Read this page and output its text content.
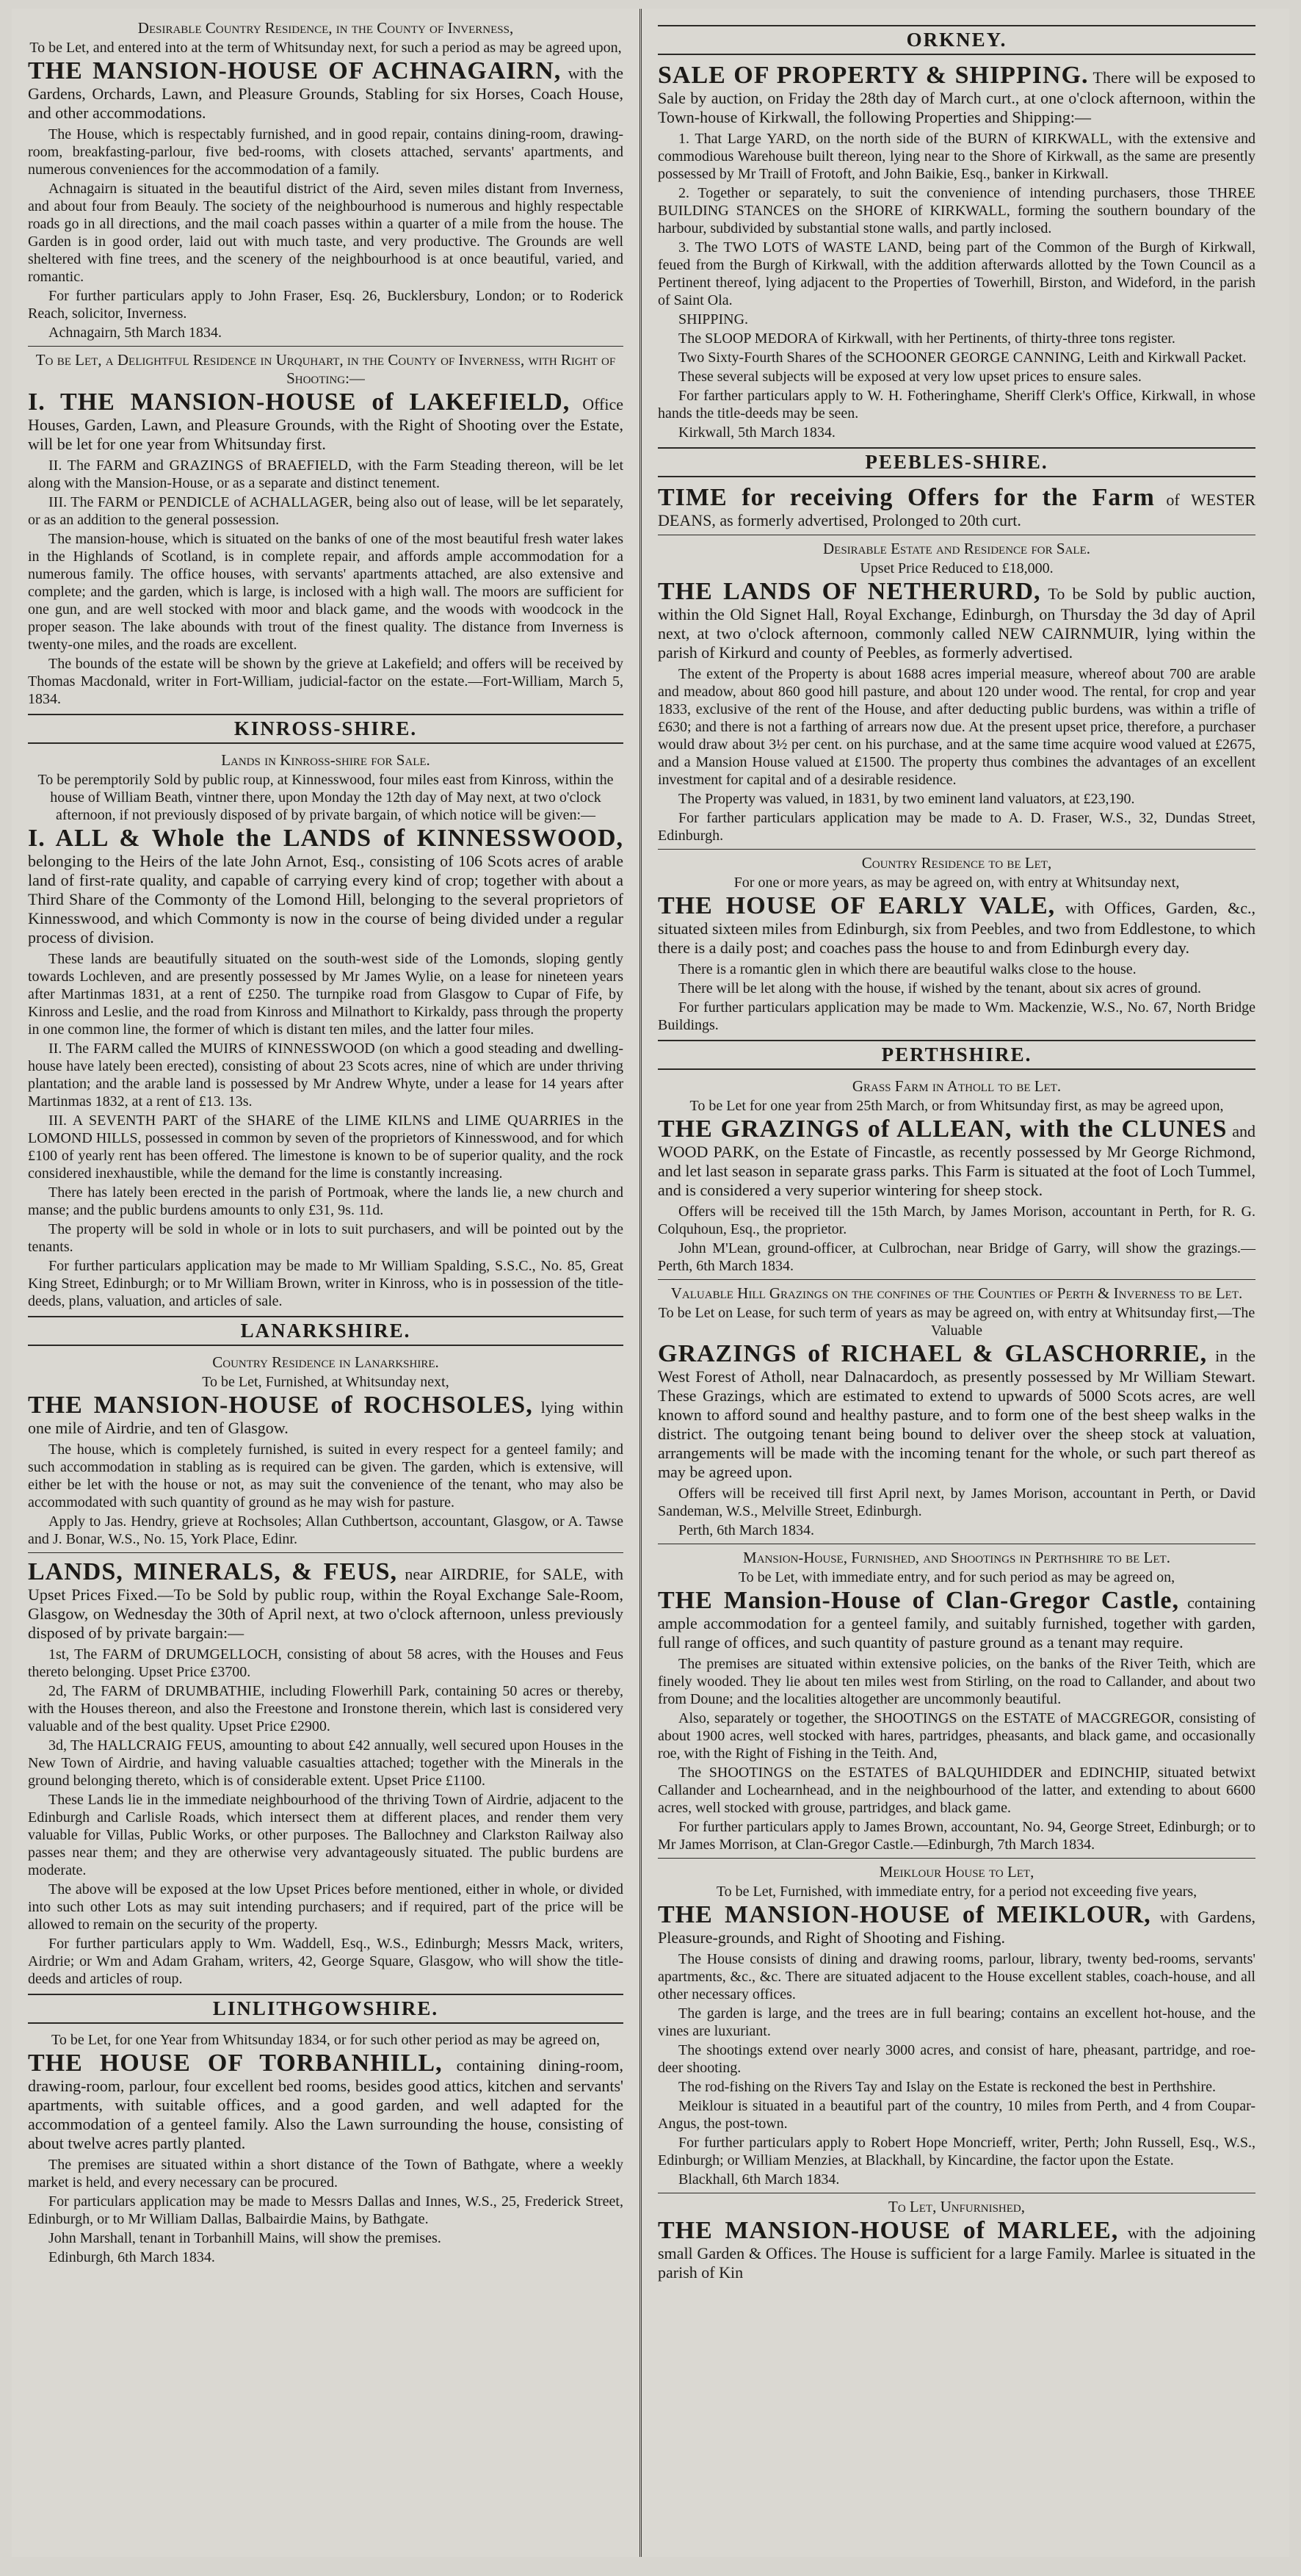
Desirable Country Residence, in the County of Inverness,
To be Let, and entered into at the term of Whitsunday next, for such a period as may be agreed upon,
THE MANSION-HOUSE OF ACHNAGAIRN, with the Gardens, Orchards, Lawn, and Pleasure Grounds, Stabling for six Horses, Coach House, and other accommodations.

The House, which is respectably furnished, and in good repair, contains dining-room, drawing-room, breakfasting-parlour, five bed-rooms, with closets attached, servants' apartments, and numerous conveniences for the accommodation of a family.

Achnagairn is situated in the beautiful district of the Aird, seven miles distant from Inverness, and about four from Beauly. The society of the neighbourhood is numerous and highly respectable roads go in all directions, and the mail coach passes within a quarter of a mile from the house. The Garden is in good order, laid out with much taste, and very productive. The Grounds are well sheltered with fine trees, and the scenery of the neighbourhood is at once beautiful, varied, and romantic.

For further particulars apply to John Fraser, Esq. 26, Bucklersbury, London; or to Roderick Reach, solicitor, Inverness.

Achnagairn, 5th March 1834.
To be Let, a Delightful Residence in Urquhart, in the County of Inverness, with Right of Shooting:—
I. THE MANSION-HOUSE of LAKEFIELD, Office Houses, Garden, Lawn, and Pleasure Grounds, with the Right of Shooting over the Estate, will be let for one year from Whitsunday first.

II. The FARM and GRAZINGS of BRAEFIELD, with the Farm Steading thereon, will be let along with the Mansion-House, or as a separate and distinct tenement.

III. The FARM or PENDICLE of ACHALLAGER, being also out of lease, will be let separately, or as an addition to the general possession.

The mansion-house, which is situated on the banks of one of the most beautiful fresh water lakes in the Highlands of Scotland, is in complete repair, and affords ample accommodation for a numerous family. The office houses, with servants' apartments attached, are also extensive and complete; and the garden, which is large, is inclosed with a high wall. The moors are sufficient for one gun, and are well stocked with moor and black game, and the woods with woodcock in the proper season. The lake abounds with trout of the finest quality. The distance from Inverness is twenty-one miles, and the roads are excellent.

The bounds of the estate will be shown by the grieve at Lakefield; and offers will be received by Thomas Macdonald, writer in Fort-William, judicial-factor on the estate.—Fort-William, March 5, 1834.

KINROSS-SHIRE.
Lands in Kinross-shire for Sale.
To be peremptorily Sold by public roup, at Kinnesswood, four miles east from Kinross, within the house of William Beath, vintner there, upon Monday the 12th day of May next, at two o'clock afternoon, if not previously disposed of by private bargain, of which notice will be given:—
I. ALL & Whole the LANDS of KINNESSWOOD, belonging to the Heirs of the late John Arnot, Esq., consisting of 106 Scots acres of arable land of first-rate quality, and capable of carrying every kind of crop; together with about a Third Share of the Commonty of the Lomond Hill, belonging to the several proprietors of Kinnesswood, and which Commonty is now in the course of being divided under a regular process of division.

These lands are beautifully situated on the south-west side of the Lomonds, sloping gently towards Lochleven, and are presently possessed by Mr James Wylie, on a lease for nineteen years after Martinmas 1831, at a rent of £250. The turnpike road from Glasgow to Cupar of Fife, by Kinross and Leslie, and the road from Kinross and Milnathort to Kirkaldy, pass through the property in one common line, the former of which is distant ten miles, and the latter four miles.

II. The FARM called the MUIRS of KINNESSWOOD (on which a good steading and dwelling-house have lately been erected), consisting of about 23 Scots acres, nine of which are under thriving plantation; and the arable land is possessed by Mr Andrew Whyte, under a lease for 14 years after Martinmas 1832, at a rent of £13. 13s.

III. A SEVENTH PART of the SHARE of the LIME KILNS and LIME QUARRIES in the LOMOND HILLS, possessed in common by seven of the proprietors of Kinnesswood, and for which £100 of yearly rent has been offered. The limestone is known to be of superior quality, and the rock considered inexhaustible, while the demand for the lime is constantly increasing.

There has lately been erected in the parish of Portmoak, where the lands lie, a new church and manse; and the public burdens amounts to only £31, 9s. 11d.

The property will be sold in whole or in lots to suit purchasers, and will be pointed out by the tenants.

For further particulars application may be made to Mr William Spalding, S.S.C., No. 85, Great King Street, Edinburgh; or to Mr William Brown, writer in Kinross, who is in possession of the title-deeds, plans, valuation, and articles of sale.

LANARKSHIRE.
Country Residence in Lanarkshire.
To be Let, Furnished, at Whitsunday next,
THE MANSION-HOUSE of ROCHSOLES, lying within one mile of Airdrie, and ten of Glasgow.

The house, which is completely furnished, is suited in every respect for a genteel family; and such accommodation in stabling as is required can be given. The garden, which is extensive, will either be let with the house or not, as may suit the convenience of the tenant, who may also be accommodated with such quantity of ground as he may wish for pasture.

Apply to Jas. Hendry, grieve at Rochsoles; Allan Cuthbertson, accountant, Glasgow, or A. Tawse and J. Bonar, W.S., No. 15, York Place, Edinr.

LANDS, MINERALS, & FEUS, near AIRDRIE, for SALE, with Upset Prices Fixed.—To be Sold by public roup, within the Royal Exchange Sale-Room, Glasgow, on Wednesday the 30th of April next, at two o'clock afternoon, unless previously disposed of by private bargain:—

1st, The FARM of DRUMGELLOCH, consisting of about 58 acres, with the Houses and Feus thereto belonging. Upset Price £3700.

2d, The FARM of DRUMBATHIE, including Flowerhill Park, containing 50 acres or thereby, with the Houses thereon, and also the Freestone and Ironstone therein, which last is considered very valuable and of the best quality. Upset Price £2900.

3d, The HALLCRAIG FEUS, amounting to about £42 annually, well secured upon Houses in the New Town of Airdrie, and having valuable casualties attached; together with the Minerals in the ground belonging thereto, which is of considerable extent. Upset Price £1100.

These Lands lie in the immediate neighbourhood of the thriving Town of Airdrie, adjacent to the Edinburgh and Carlisle Roads, which intersect them at different places, and render them very valuable for Villas, Public Works, or other purposes. The Ballochney and Clarkston Railway also passes near them; and they are otherwise very advantageously situated. The public burdens are moderate.

The above will be exposed at the low Upset Prices before mentioned, either in whole, or divided into such other Lots as may suit intending purchasers; and if required, part of the price will be allowed to remain on the security of the property.

For further particulars apply to Wm. Waddell, Esq., W.S., Edinburgh; Messrs Mack, writers, Airdrie; or Wm and Adam Graham, writers, 42, George Square, Glasgow, who will show the title-deeds and articles of roup.

LINLITHGOWSHIRE.
To be Let, for one Year from Whitsunday 1834, or for such other period as may be agreed on,
THE HOUSE OF TORBANHILL, containing dining-room, drawing-room, parlour, four excellent bed rooms, besides good attics, kitchen and servants' apartments, with suitable offices, and a good garden, and well adapted for the accommodation of a genteel family. Also the Lawn surrounding the house, consisting of about twelve acres partly planted.

The premises are situated within a short distance of the Town of Bathgate, where a weekly market is held, and every necessary can be procured.

For particulars application may be made to Messrs Dallas and Innes, W.S., 25, Frederick Street, Edinburgh, or to Mr William Dallas, Balbairdie Mains, by Bathgate.

John Marshall, tenant in Torbanhill Mains, will show the premises.

Edinburgh, 6th March 1834.
ORKNEY.
SALE OF PROPERTY & SHIPPING. There will be exposed to Sale by auction, on Friday the 28th day of March curt., at one o'clock afternoon, within the Town-house of Kirkwall, the following Properties and Shipping:—

1. That Large YARD, on the north side of the BURN of KIRKWALL, with the extensive and commodious Warehouse built thereon, lying near to the Shore of Kirkwall, as the same are presently possessed by Mr Traill of Frotoft, and John Baikie, Esq., banker in Kirkwall.

2. Together or separately, to suit the convenience of intending purchasers, those THREE BUILDING STANCES on the SHORE of KIRKWALL, forming the southern boundary of the harbour, subdivided by substantial stone walls, and partly inclosed.

3. The TWO LOTS of WASTE LAND, being part of the Common of the Burgh of Kirkwall, feued from the Burgh of Kirkwall, with the addition afterwards allotted by the Town Council as a Pertinent thereof, lying adjacent to the Properties of Towerhill, Birston, and Wideford, in the parish of Saint Ola.

SHIPPING.

The SLOOP MEDORA of Kirkwall, with her Pertinents, of thirty-three tons register.

Two Sixty-Fourth Shares of the SCHOONER GEORGE CANNING, Leith and Kirkwall Packet.

These several subjects will be exposed at very low upset prices to ensure sales.

For farther particulars apply to W. H. Fotheringhame, Sheriff Clerk's Office, Kirkwall, in whose hands the title-deeds may be seen.

Kirkwall, 5th March 1834.
PEEBLES-SHIRE.
TIME for receiving Offers for the Farm of WESTER DEANS, as formerly advertised, Prolonged to 20th curt.
Desirable Estate and Residence for Sale.
Upset Price Reduced to £18,000.
THE LANDS OF NETHERURD, To be Sold by public auction, within the Old Signet Hall, Royal Exchange, Edinburgh, on Thursday the 3d day of April next, at two o'clock afternoon, commonly called NEW CAIRNMUIR, lying within the parish of Kirkurd and county of Peebles, as formerly advertised.

The extent of the Property is about 1688 acres imperial measure, whereof about 700 are arable and meadow, about 860 good hill pasture, and about 120 under wood. The rental, for crop and year 1833, exclusive of the rent of the House, and after deducting public burdens, was within a trifle of £630; and there is not a farthing of arrears now due. At the present upset price, therefore, a purchaser would draw about 3½ per cent. on his purchase, and at the same time acquire wood valued at £2675, and a Mansion House valued at £1500. The property thus combines the advantages of an excellent investment for capital and of a desirable residence.

The Property was valued, in 1831, by two eminent land valuators, at £23,190.

For farther particulars application may be made to A. D. Fraser, W.S., 32, Dundas Street, Edinburgh.

Country Residence to be Let,
For one or more years, as may be agreed on, with entry at Whitsunday next,
THE HOUSE OF EARLY VALE, with Offices, Garden, &c., situated sixteen miles from Edinburgh, six from Peebles, and two from Eddlestone, to which there is a daily post; and coaches pass the house to and from Edinburgh every day.

There is a romantic glen in which there are beautiful walks close to the house.

There will be let along with the house, if wished by the tenant, about six acres of ground.

For further particulars application may be made to Wm. Mackenzie, W.S., No. 67, North Bridge Buildings.

PERTHSHIRE.
Grass Farm in Atholl to be Let.
To be Let for one year from 25th March, or from Whitsunday first, as may be agreed upon,
THE GRAZINGS of ALLEAN, with the CLUNES and WOOD PARK, on the Estate of Fincastle, as recently possessed by Mr George Richmond, and let last season in separate grass parks. This Farm is situated at the foot of Loch Tummel, and is considered a very superior wintering for sheep stock.

Offers will be received till the 15th March, by James Morison, accountant in Perth, for R. G. Colquhoun, Esq., the proprietor.

John M'Lean, ground-officer, at Culbrochan, near Bridge of Garry, will show the grazings.—Perth, 6th March 1834.

Valuable Hill Grazings on the confines of the Counties of Perth & Inverness to be Let.
To be Let on Lease, for such term of years as may be agreed on, with entry at Whitsunday first,—The Valuable
GRAZINGS of RICHAEL & GLASCHORRIE, in the West Forest of Atholl, near Dalnacardoch, as presently possessed by Mr William Stewart. These Grazings, which are estimated to extend to upwards of 5000 Scots acres, are well known to afford sound and healthy pasture, and to form one of the best sheep walks in the district. The outgoing tenant being bound to deliver over the sheep stock at valuation, arrangements will be made with the incoming tenant for the whole, or such part thereof as may be agreed upon.

Offers will be received till first April next, by James Morison, accountant in Perth, or David Sandeman, W.S., Melville Street, Edinburgh.

Perth, 6th March 1834.
Mansion-House, Furnished, and Shootings in Perthshire to be Let.
To be Let, with immediate entry, and for such period as may be agreed on,
THE Mansion-House of Clan-Gregor Castle, containing ample accommodation for a genteel family, and suitably furnished, together with garden, full range of offices, and such quantity of pasture ground as a tenant may require.

The premises are situated within extensive policies, on the banks of the River Teith, which are finely wooded. They lie about ten miles west from Stirling, on the road to Callander, and about two from Doune; and the localities altogether are uncommonly beautiful.

Also, separately or together, the SHOOTINGS on the ESTATE of MACGREGOR, consisting of about 1900 acres, well stocked with hares, partridges, pheasants, and black game, and occasionally roe, with the Right of Fishing in the Teith. And,

The SHOOTINGS on the ESTATES of BALQUHIDDER and EDINCHIP, situated betwixt Callander and Lochearnhead, and in the neighbourhood of the latter, and extending to about 6600 acres, well stocked with grouse, partridges, and black game.

For further particulars apply to James Brown, accountant, No. 94, George Street, Edinburgh; or to Mr James Morrison, at Clan-Gregor Castle.—Edinburgh, 7th March 1834.

Meiklour House to Let,
To be Let, Furnished, with immediate entry, for a period not exceeding five years,
THE MANSION-HOUSE of MEIKLOUR, with Gardens, Pleasure-grounds, and Right of Shooting and Fishing.

The House consists of dining and drawing rooms, parlour, library, twenty bed-rooms, servants' apartments, &c., &c. There are situated adjacent to the House excellent stables, coach-house, and all other necessary offices.

The garden is large, and the trees are in full bearing; contains an excellent hot-house, and the vines are luxuriant.

The shootings extend over nearly 3000 acres, and consist of hare, pheasant, partridge, and roe-deer shooting.

The rod-fishing on the Rivers Tay and Islay on the Estate is reckoned the best in Perthshire.

Meiklour is situated in a beautiful part of the country, 10 miles from Perth, and 4 from Coupar-Angus, the post-town.

For further particulars apply to Robert Hope Moncrieff, writer, Perth; John Russell, Esq., W.S., Edinburgh; or William Menzies, at Blackhall, by Kincardine, the factor upon the Estate.

Blackhall, 6th March 1834.
To Let, Unfurnished,
THE MANSION-HOUSE of MARLEE, with the adjoining small Garden & Offices. The House is sufficient for a large Family. Marlee is situated in the parish of Kin
